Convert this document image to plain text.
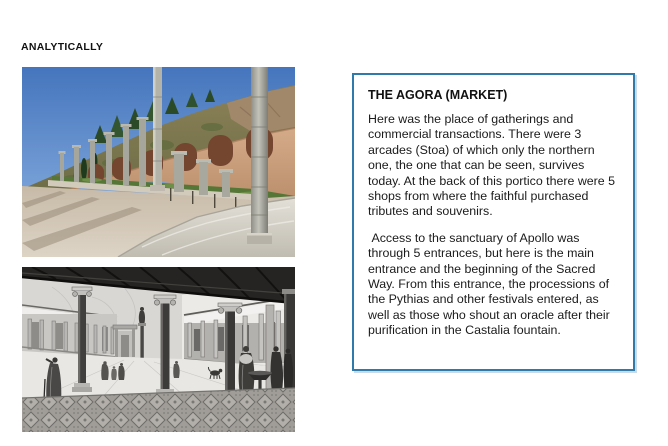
ANALYTICALLY
THE AGORA (MARKET)

Here was the place of gatherings and commercial transactions. There were 3 arcades (Stoa) of which only the northern one, the one that can be seen, survives today. At the back of this portico there were 5 shops from where the faithful purchased tributes and souvenirs.

Access to the sanctuary of Apollo was through 5 entrances, but here is the main entrance and the beginning of the Sacred Way. From this entrance, the processions of the Pythias and other festivals entered, as well as those who shout an oracle after their purification in the Castalia fountain.
